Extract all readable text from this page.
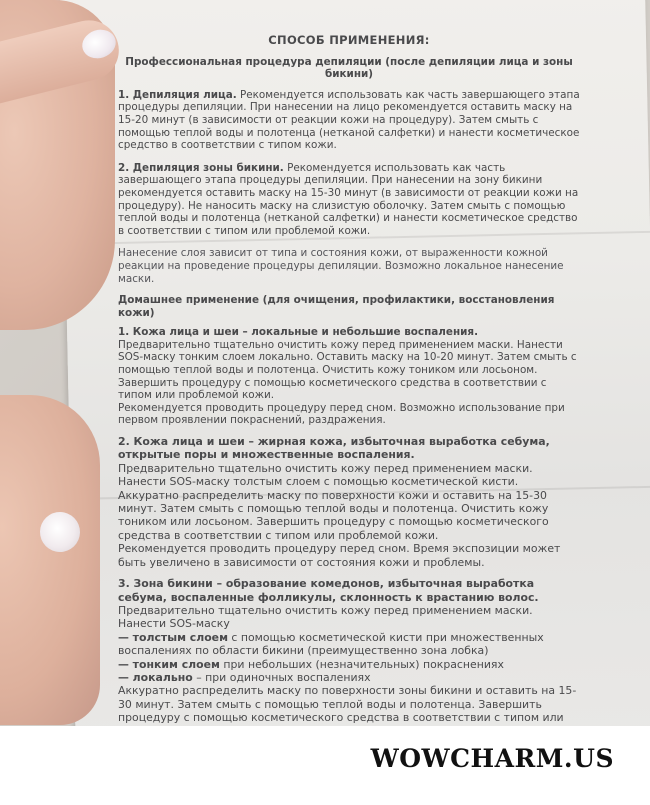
СПОСОБ ПРИМЕНЕНИЯ:

Профессиональная процедура депиляции (после депиляции лица и зоны бикини)

1. Депиляция лица. Рекомендуется использовать как часть завершающего этапа процедуры депиляции. При нанесении на лицо рекомендуется оставить маску на 15-20 минут (в зависимости от реакции кожи на процедуру). Затем смыть с помощью теплой воды и полотенца (нетканой салфетки) и нанести косметическое средство в соответствии с типом кожи.

2. Депиляция зоны бикини. Рекомендуется использовать как часть завершающего этапа процедуры депиляции. При нанесении на зону бикини рекомендуется оставить маску на 15-30 минут (в зависимости от реакции кожи на процедуру). Не наносить маску на слизистую оболочку. Затем смыть с помощью теплой воды и полотенца (нетканой салфетки) и нанести косметическое средство в соответствии с типом или проблемой кожи.

Нанесение слоя зависит от типа и состояния кожи, от выраженности кожной реакции на проведение процедуры депиляции. Возможно локальное нанесение маски.

Домашнее применение (для очищения, профилактики, восстановления кожи)

1. Кожа лица и шеи – локальные и небольшие воспаления.

Предварительно тщательно очистить кожу перед применением маски. Нанести SOS-маску тонким слоем локально. Оставить маску на 10-20 минут. Затем смыть с помощью теплой воды и полотенца. Очистить кожу тоником или лосьоном. Завершить процедуру с помощью косметического средства в соответствии с типом или проблемой кожи.

Рекомендуется проводить процедуру перед сном. Возможно использование при первом проявлении покраснений, раздражения.

2. Кожа лица и шеи – жирная кожа, избыточная выработка себума, открытые поры и множественные воспаления.

Предварительно тщательно очистить кожу перед применением маски. Нанести SOS-маску толстым слоем с помощью косметической кисти. Аккуратно распределить маску по поверхности кожи и оставить на 15-30 минут. Затем смыть с помощью теплой воды и полотенца. Очистить кожу тоником или лосьоном. Завершить процедуру с помощью косметического средства в соответствии с типом или проблемой кожи.

Рекомендуется проводить процедуру перед сном. Время экспозиции может быть увеличено в зависимости от состояния кожи и проблемы.

3. Зона бикини – образование комедонов, избыточная выработка себума, воспаленные фолликулы, склонность к врастанию волос.

Предварительно тщательно очистить кожу перед применением маски. Нанести SOS-маску

— толстым слоем с помощью косметической кисти при множественных воспалениях по области бикини (преимущественно зона лобка)

— тонким слоем при небольших (незначительных) покраснениях

— локально – при одиночных воспалениях

Аккуратно распределить маску по поверхности зоны бикини и оставить на 15-30 минут. Затем смыть с помощью теплой воды и полотенца. Завершить процедуру с помощью косметического средства в соответствии с типом или

WOWCHARM.US
